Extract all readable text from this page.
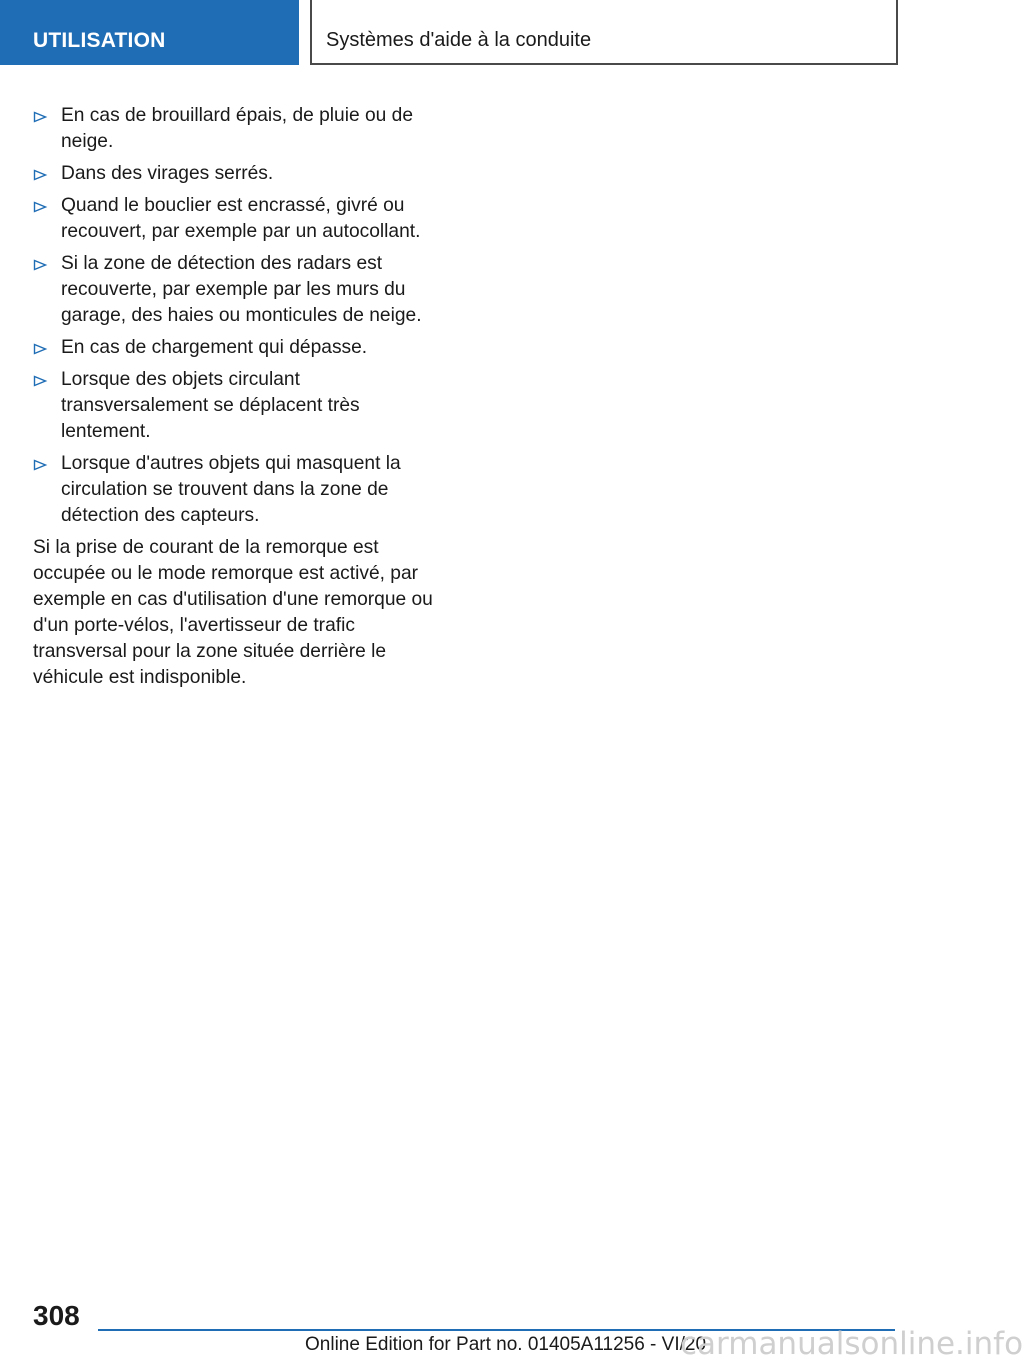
UTILISATION	Systèmes d'aide à la conduite
En cas de brouillard épais, de pluie ou de neige.
Dans des virages serrés.
Quand le bouclier est encrassé, givré ou recouvert, par exemple par un autocollant.
Si la zone de détection des radars est recouverte, par exemple par les murs du garage, des haies ou monticules de neige.
En cas de chargement qui dépasse.
Lorsque des objets circulant transversalement se déplacent très lentement.
Lorsque d'autres objets qui masquent la circulation se trouvent dans la zone de détection des capteurs.

Si la prise de courant de la remorque est occupée ou le mode remorque est activé, par exemple en cas d'utilisation d'une remorque ou d'un porte-vélos, l'avertisseur de trafic transversal pour la zone située derrière le véhicule est indisponible.

308
Online Edition for Part no. 01405A11256 - VI/20
carmanualsonline.info
